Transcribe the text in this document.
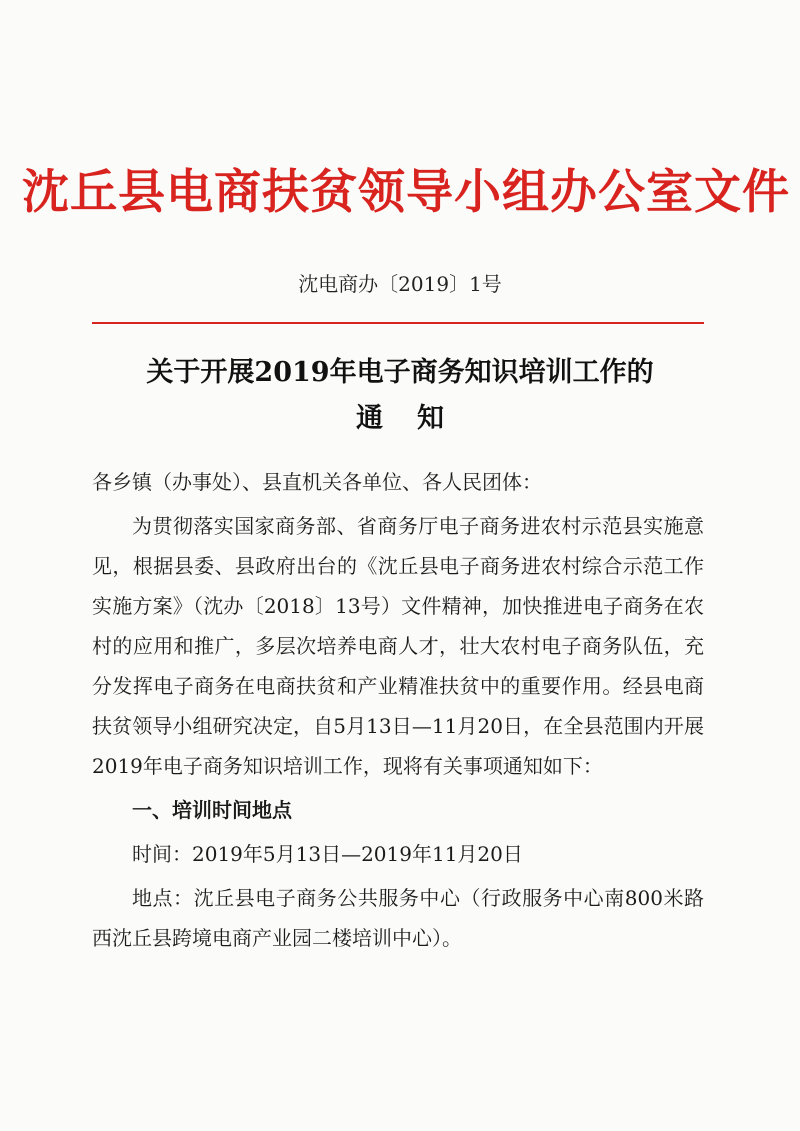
沈丘县电商扶贫领导小组办公室文件
沈电商办〔2019〕1号
关于开展2019年电子商务知识培训工作的
通知

各乡镇（办事处）、县直机关各单位、各人民团体：

为贯彻落实国家商务部、省商务厅电子商务进农村示范县实施意见，根据县委、县政府出台的《沈丘县电子商务进农村综合示范工作实施方案》（沈办〔2018〕13号）文件精神，加快推进电子商务在农村的应用和推广，多层次培养电商人才，壮大农村电子商务队伍，充分发挥电子商务在电商扶贫和产业精准扶贫中的重要作用。经县电商扶贫领导小组研究决定，自5月13日—11月20日，在全县范围内开展2019年电子商务知识培训工作，现将有关事项通知如下：

一、培训时间地点

时间：2019年5月13日—2019年11月20日

地点：沈丘县电子商务公共服务中心（行政服务中心南800米路西沈丘县跨境电商产业园二楼培训中心）。
